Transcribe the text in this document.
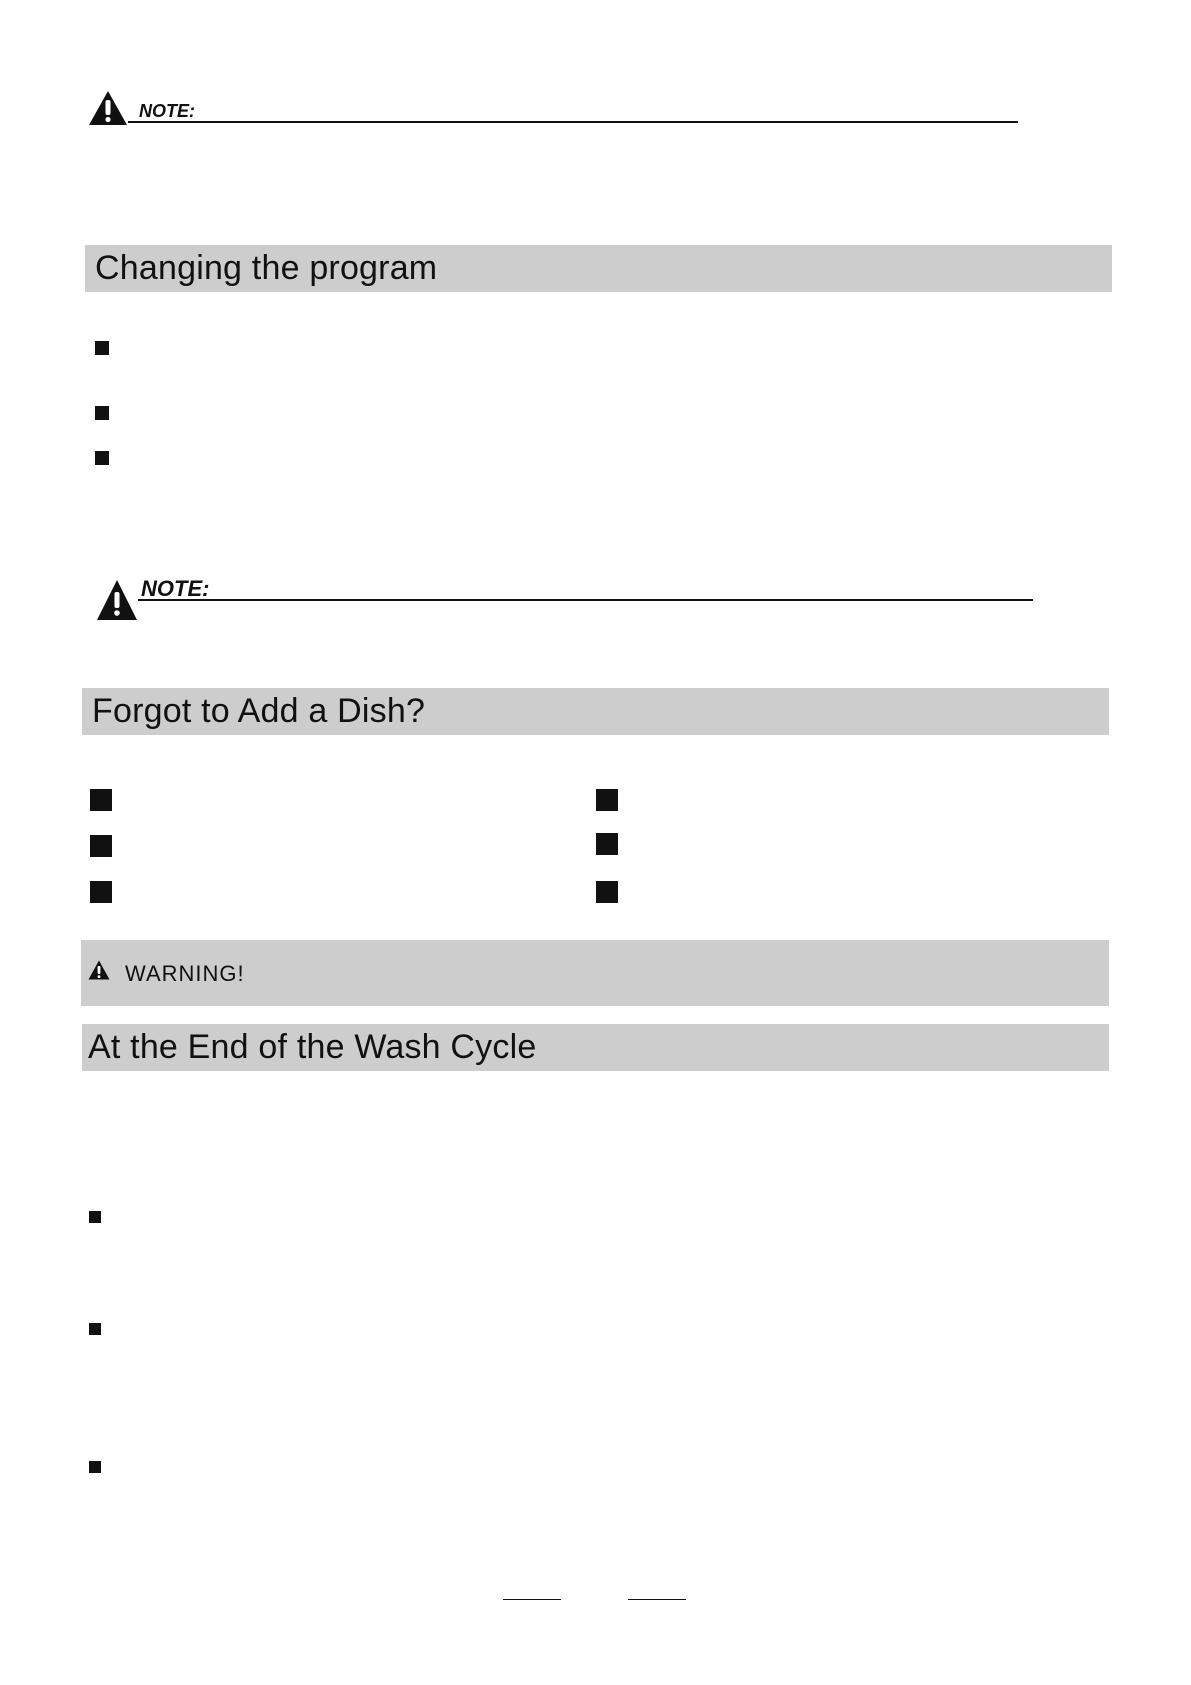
NOTE:
Changing the program
NOTE:
Forgot to Add a Dish?
WARNING!
At the End of the Wash Cycle
